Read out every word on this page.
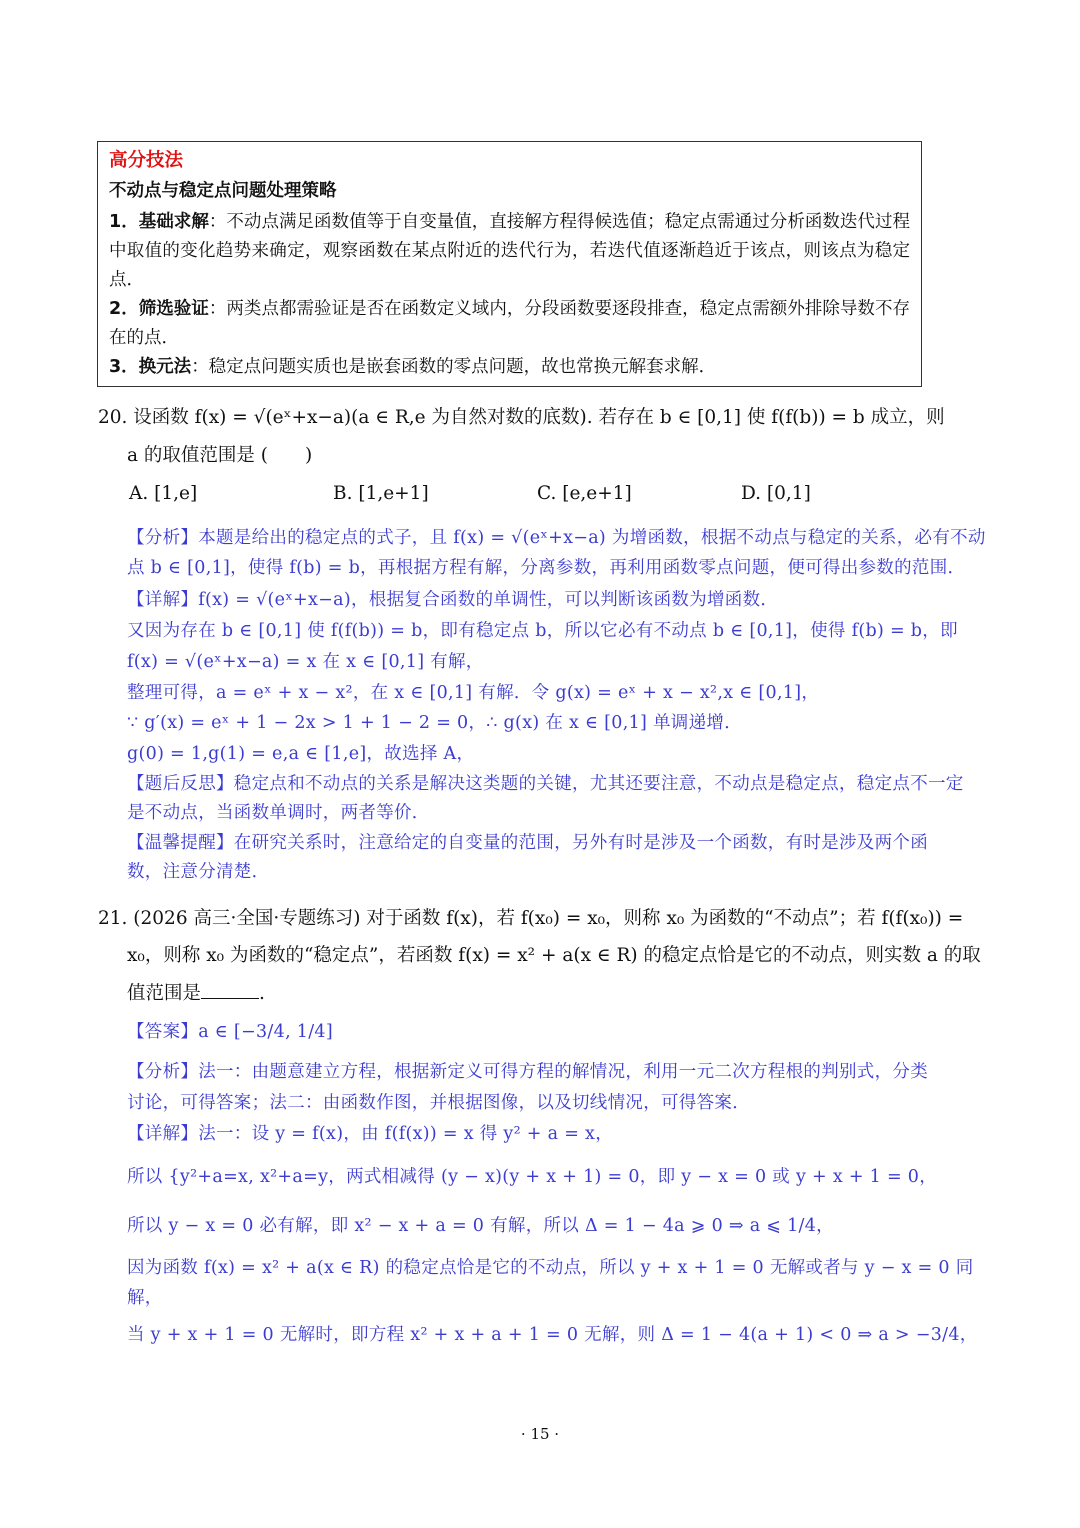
高分技法

不动点与稳定点问题处理策略

1．基础求解：不动点满足函数值等于自变量值，直接解方程得候选值；稳定点需通过分析函数迭代过程中取值的变化趋势来确定，观察函数在某点附近的迭代行为，若迭代值逐渐趋近于该点，则该点为稳定点．

2．筛选验证：两类点都需验证是否在函数定义域内，分段函数要逐段排查，稳定点需额外排除导数不存在的点．

3．换元法：稳定点问题实质也是嵌套函数的零点问题，故也常换元解套求解．

20. 设函数 f(x) = √(eˣ+x−a)(a ∈ R,e 为自然对数的底数). 若存在 b ∈ [0,1] 使 f(f(b)) = b 成立，则
a 的取值范围是 (　　)
A. [1,e]	B. [1,e+1]	C. [e,e+1]	D. [0,1]
【分析】本题是给出的稳定点的式子，且 f(x) = √(eˣ+x−a) 为增函数，根据不动点与稳定的关系，必有不动
点 b ∈ [0,1]，使得 f(b) = b，再根据方程有解，分离参数，再利用函数零点问题，便可得出参数的范围．
【详解】f(x) = √(eˣ+x−a)，根据复合函数的单调性，可以判断该函数为增函数．
又因为存在 b ∈ [0,1] 使 f(f(b)) = b，即有稳定点 b，所以它必有不动点 b ∈ [0,1]，使得 f(b) = b，即
f(x) = √(eˣ+x−a) = x 在 x ∈ [0,1] 有解，
整理可得，a = eˣ + x − x²，在 x ∈ [0,1] 有解．令 g(x) = eˣ + x − x²,x ∈ [0,1]，
∵ g′(x) = eˣ + 1 − 2x > 1 + 1 − 2 = 0，∴ g(x) 在 x ∈ [0,1] 单调递增．
g(0) = 1,g(1) = e,a ∈ [1,e]，故选择 A，
【题后反思】稳定点和不动点的关系是解决这类题的关键，尤其还要注意，不动点是稳定点，稳定点不一定
是不动点，当函数单调时，两者等价．
【温馨提醒】在研究关系时，注意给定的自变量的范围，另外有时是涉及一个函数，有时是涉及两个函
数，注意分清楚．
21. (2026 高三·全国·专题练习) 对于函数 f(x)，若 f(x₀) = x₀，则称 x₀ 为函数的“不动点”；若 f(f(x₀)) =
x₀，则称 x₀ 为函数的“稳定点”，若函数 f(x) = x² + a(x ∈ R) 的稳定点恰是它的不动点，则实数 a 的取
值范围是	.
【答案】a ∈ [−3/4, 1/4]
【分析】法一：由题意建立方程，根据新定义可得方程的解情况，利用一元二次方程根的判别式，分类
讨论，可得答案；法二：由函数作图，并根据图像，以及切线情况，可得答案．
【详解】法一：设 y = f(x)，由 f(f(x)) = x 得 y² + a = x，
所以 {y²+a=x, x²+a=y，两式相减得 (y − x)(y + x + 1) = 0，即 y − x = 0 或 y + x + 1 = 0，
所以 y − x = 0 必有解，即 x² − x + a = 0 有解，所以 Δ = 1 − 4a ⩾ 0 ⇒ a ⩽ 1/4，
因为函数 f(x) = x² + a(x ∈ R) 的稳定点恰是它的不动点，所以 y + x + 1 = 0 无解或者与 y − x = 0 同
解，
当 y + x + 1 = 0 无解时，即方程 x² + x + a + 1 = 0 无解，则 Δ = 1 − 4(a + 1) < 0 ⇒ a > −3/4，
· 15 ·
